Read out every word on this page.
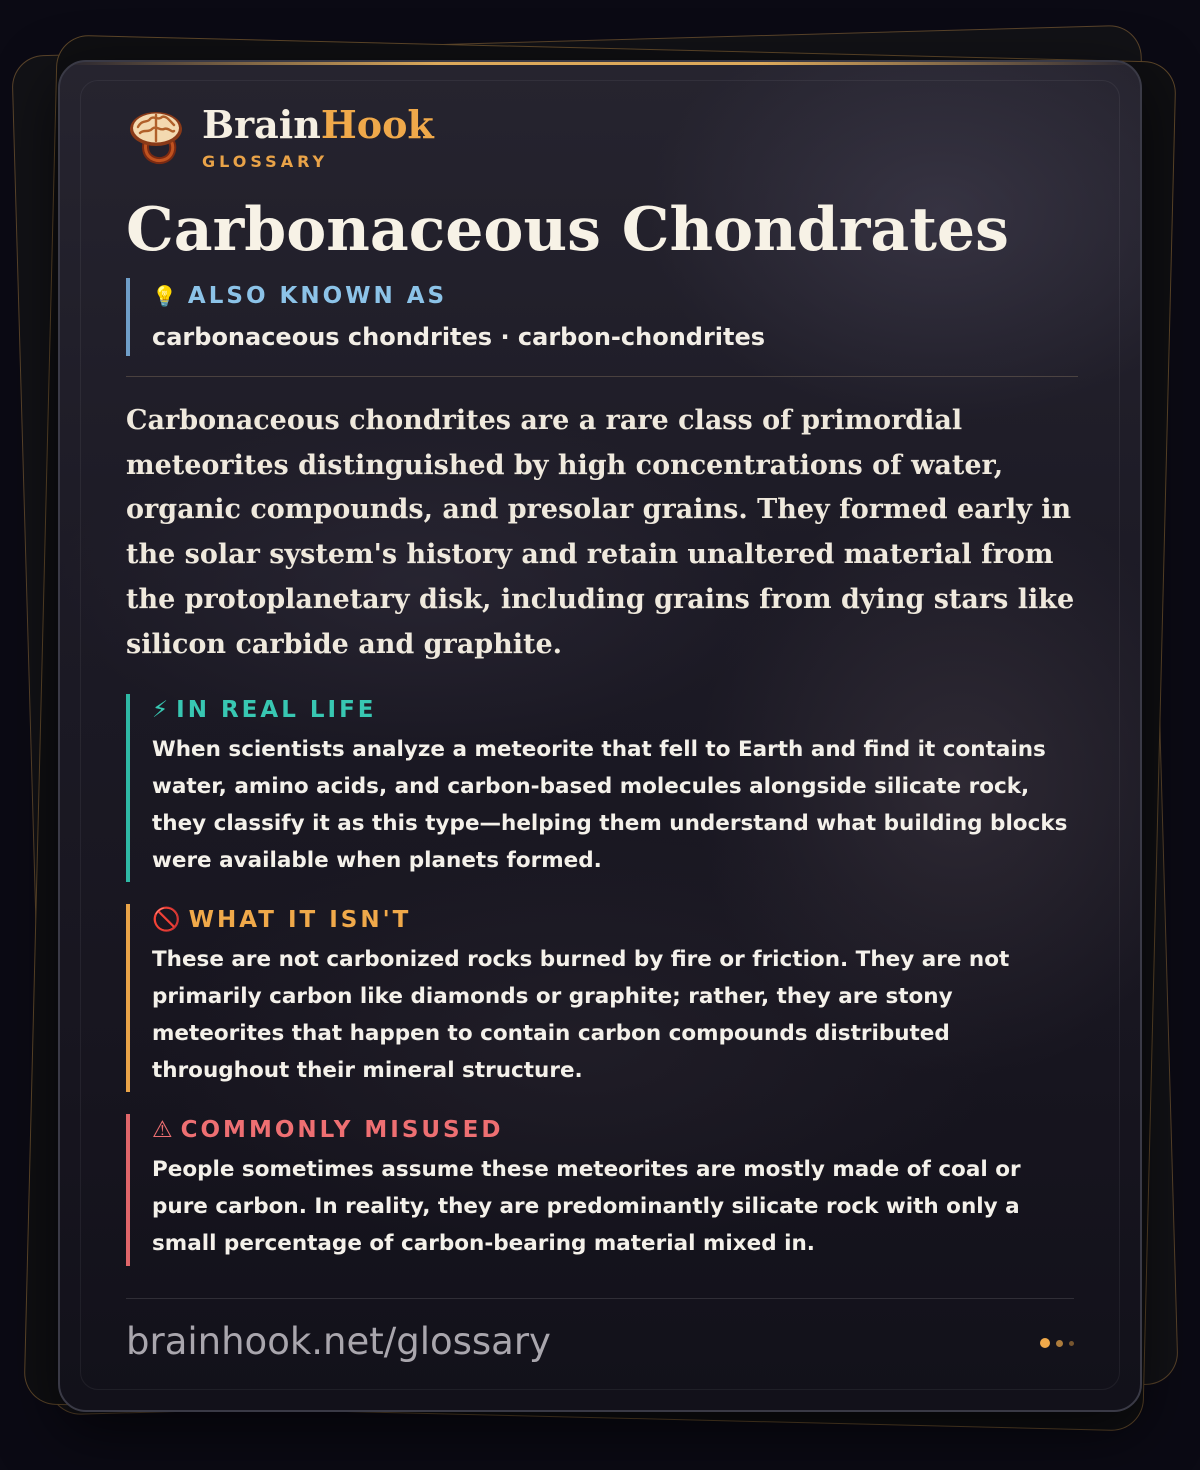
BrainHook
GLOSSARY
Carbonaceous Chondrates
💡 ALSO KNOWN AS
carbonaceous chondrites · carbon-chondrites

Carbonaceous chondrites are a rare class of primordial meteorites distinguished by high concentrations of water, organic compounds, and presolar grains. They formed early in the solar system's history and retain unaltered material from the protoplanetary disk, including grains from dying stars like silicon carbide and graphite.

⚡ IN REAL LIFE
When scientists analyze a meteorite that fell to Earth and find it contains water, amino acids, and carbon-based molecules alongside silicate rock, they classify it as this type—helping them understand what building blocks were available when planets formed.
🚫 WHAT IT ISN'T
These are not carbonized rocks burned by fire or friction. They are not primarily carbon like diamonds or graphite; rather, they are stony meteorites that happen to contain carbon compounds distributed throughout their mineral structure.
⚠ COMMONLY MISUSED
People sometimes assume these meteorites are mostly made of coal or pure carbon. In reality, they are predominantly silicate rock with only a small percentage of carbon-bearing material mixed in.
brainhook.net/glossary
